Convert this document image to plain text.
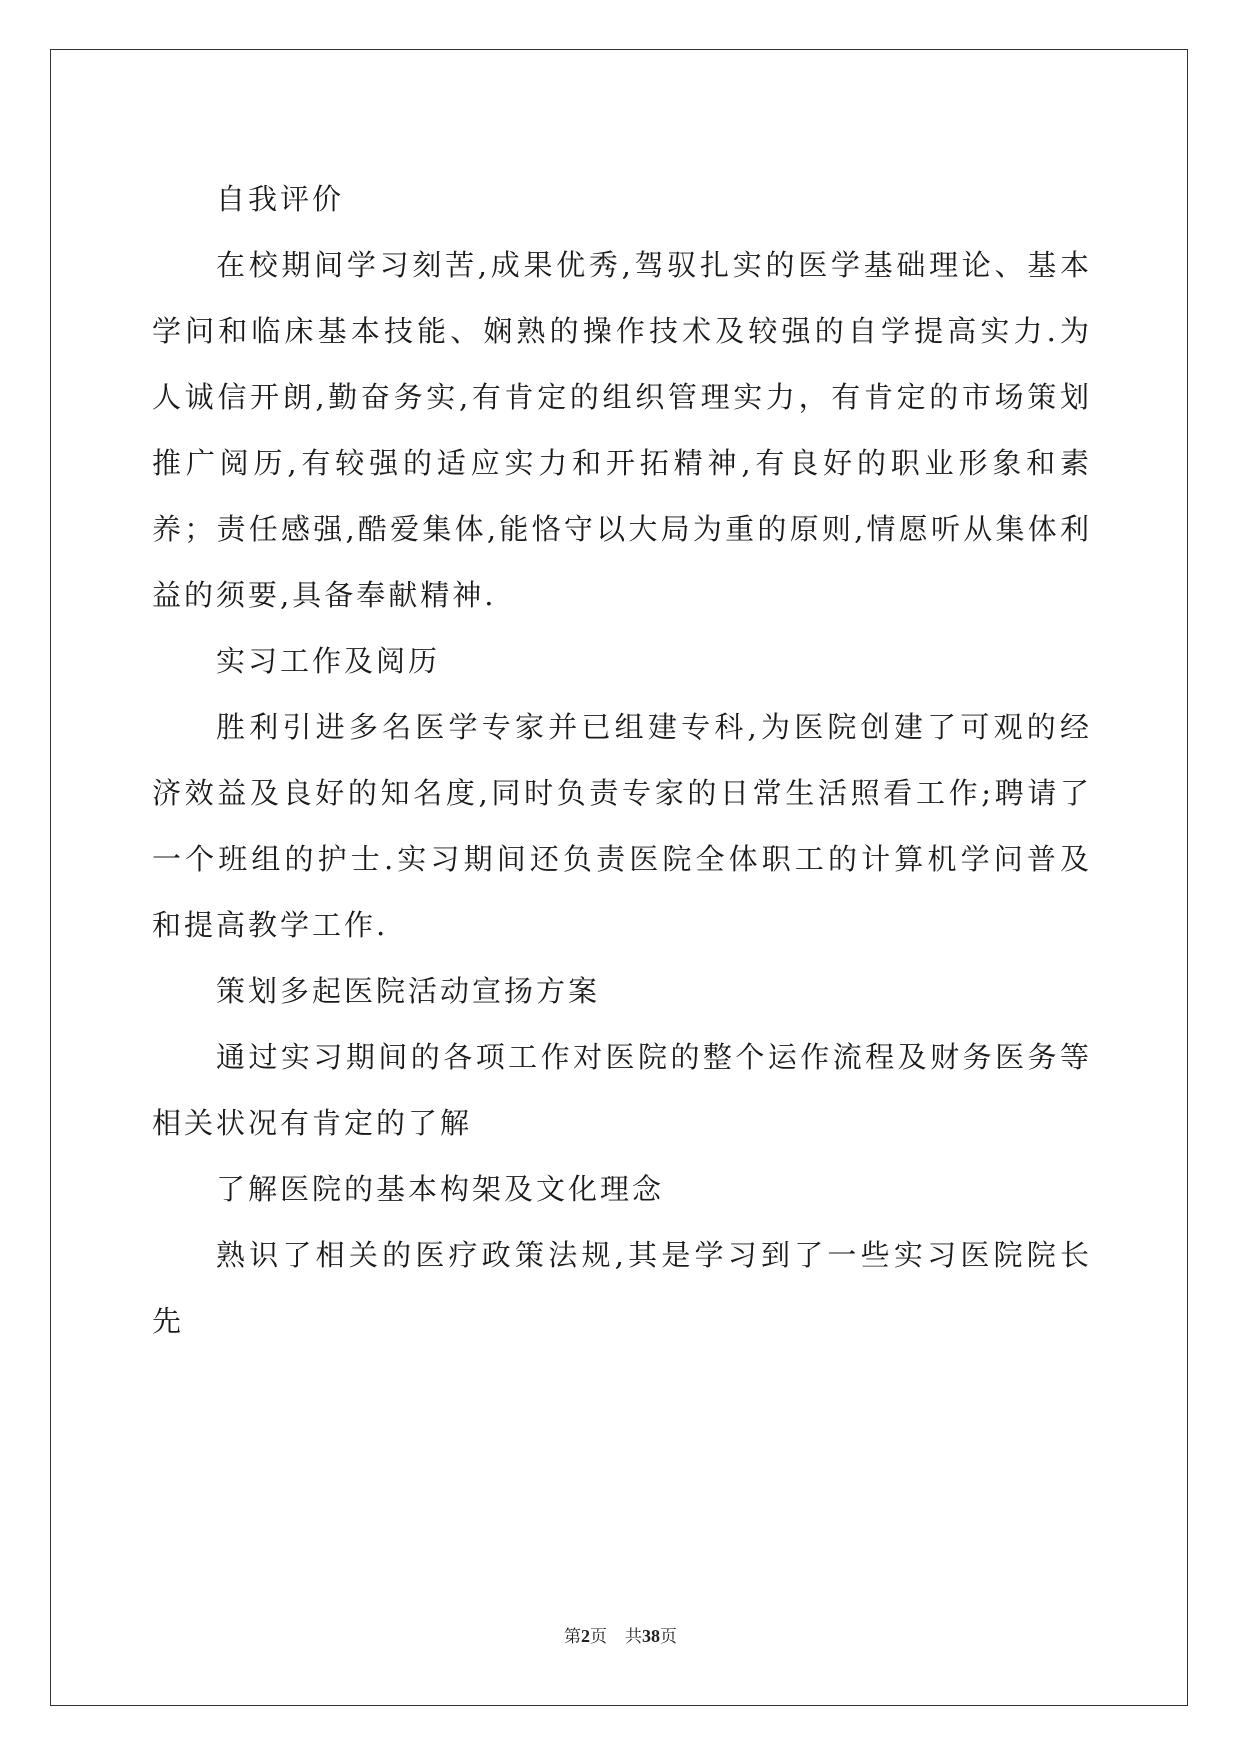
自我评价

在校期间学习刻苦,成果优秀,驾驭扎实的医学基础理论、基本学问和临床基本技能、娴熟的操作技术及较强的自学提高实力.为人诚信开朗,勤奋务实,有肯定的组织管理实力，有肯定的市场策划推广阅历,有较强的适应实力和开拓精神,有良好的职业形象和素养；责任感强,酷爱集体,能恪守以大局为重的原则,情愿听从集体利益的须要,具备奉献精神.

实习工作及阅历

胜利引进多名医学专家并已组建专科,为医院创建了可观的经济效益及良好的知名度,同时负责专家的日常生活照看工作;聘请了一个班组的护士.实习期间还负责医院全体职工的计算机学问普及和提高教学工作.

策划多起医院活动宣扬方案

通过实习期间的各项工作对医院的整个运作流程及财务医务等相关状况有肯定的了解

了解医院的基本构架及文化理念

熟识了相关的医疗政策法规,其是学习到了一些实习医院院长先

第2页 共38页
